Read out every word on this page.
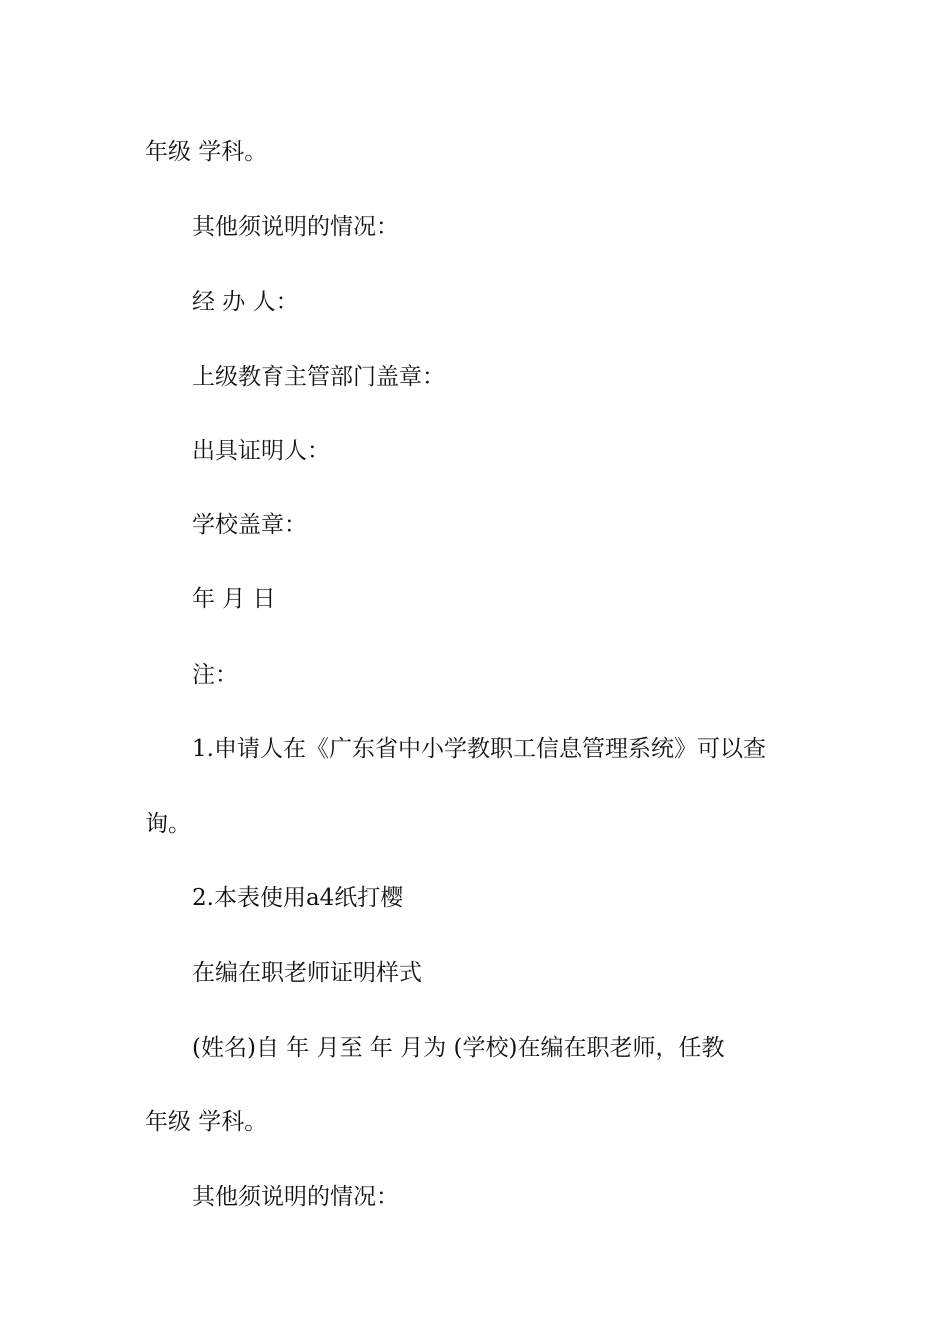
年级 学科。

其他须说明的情况：

经 办 人：

上级教育主管部门盖章：

出具证明人：

学校盖章：

年 月 日

注：

1.申请人在《广东省中小学教职工信息管理系统》可以查

询。

2.本表使用a4纸打樱

在编在职老师证明样式

(姓名)自 年 月至 年 月为 (学校)在编在职老师，任教

年级 学科。

其他须说明的情况：
